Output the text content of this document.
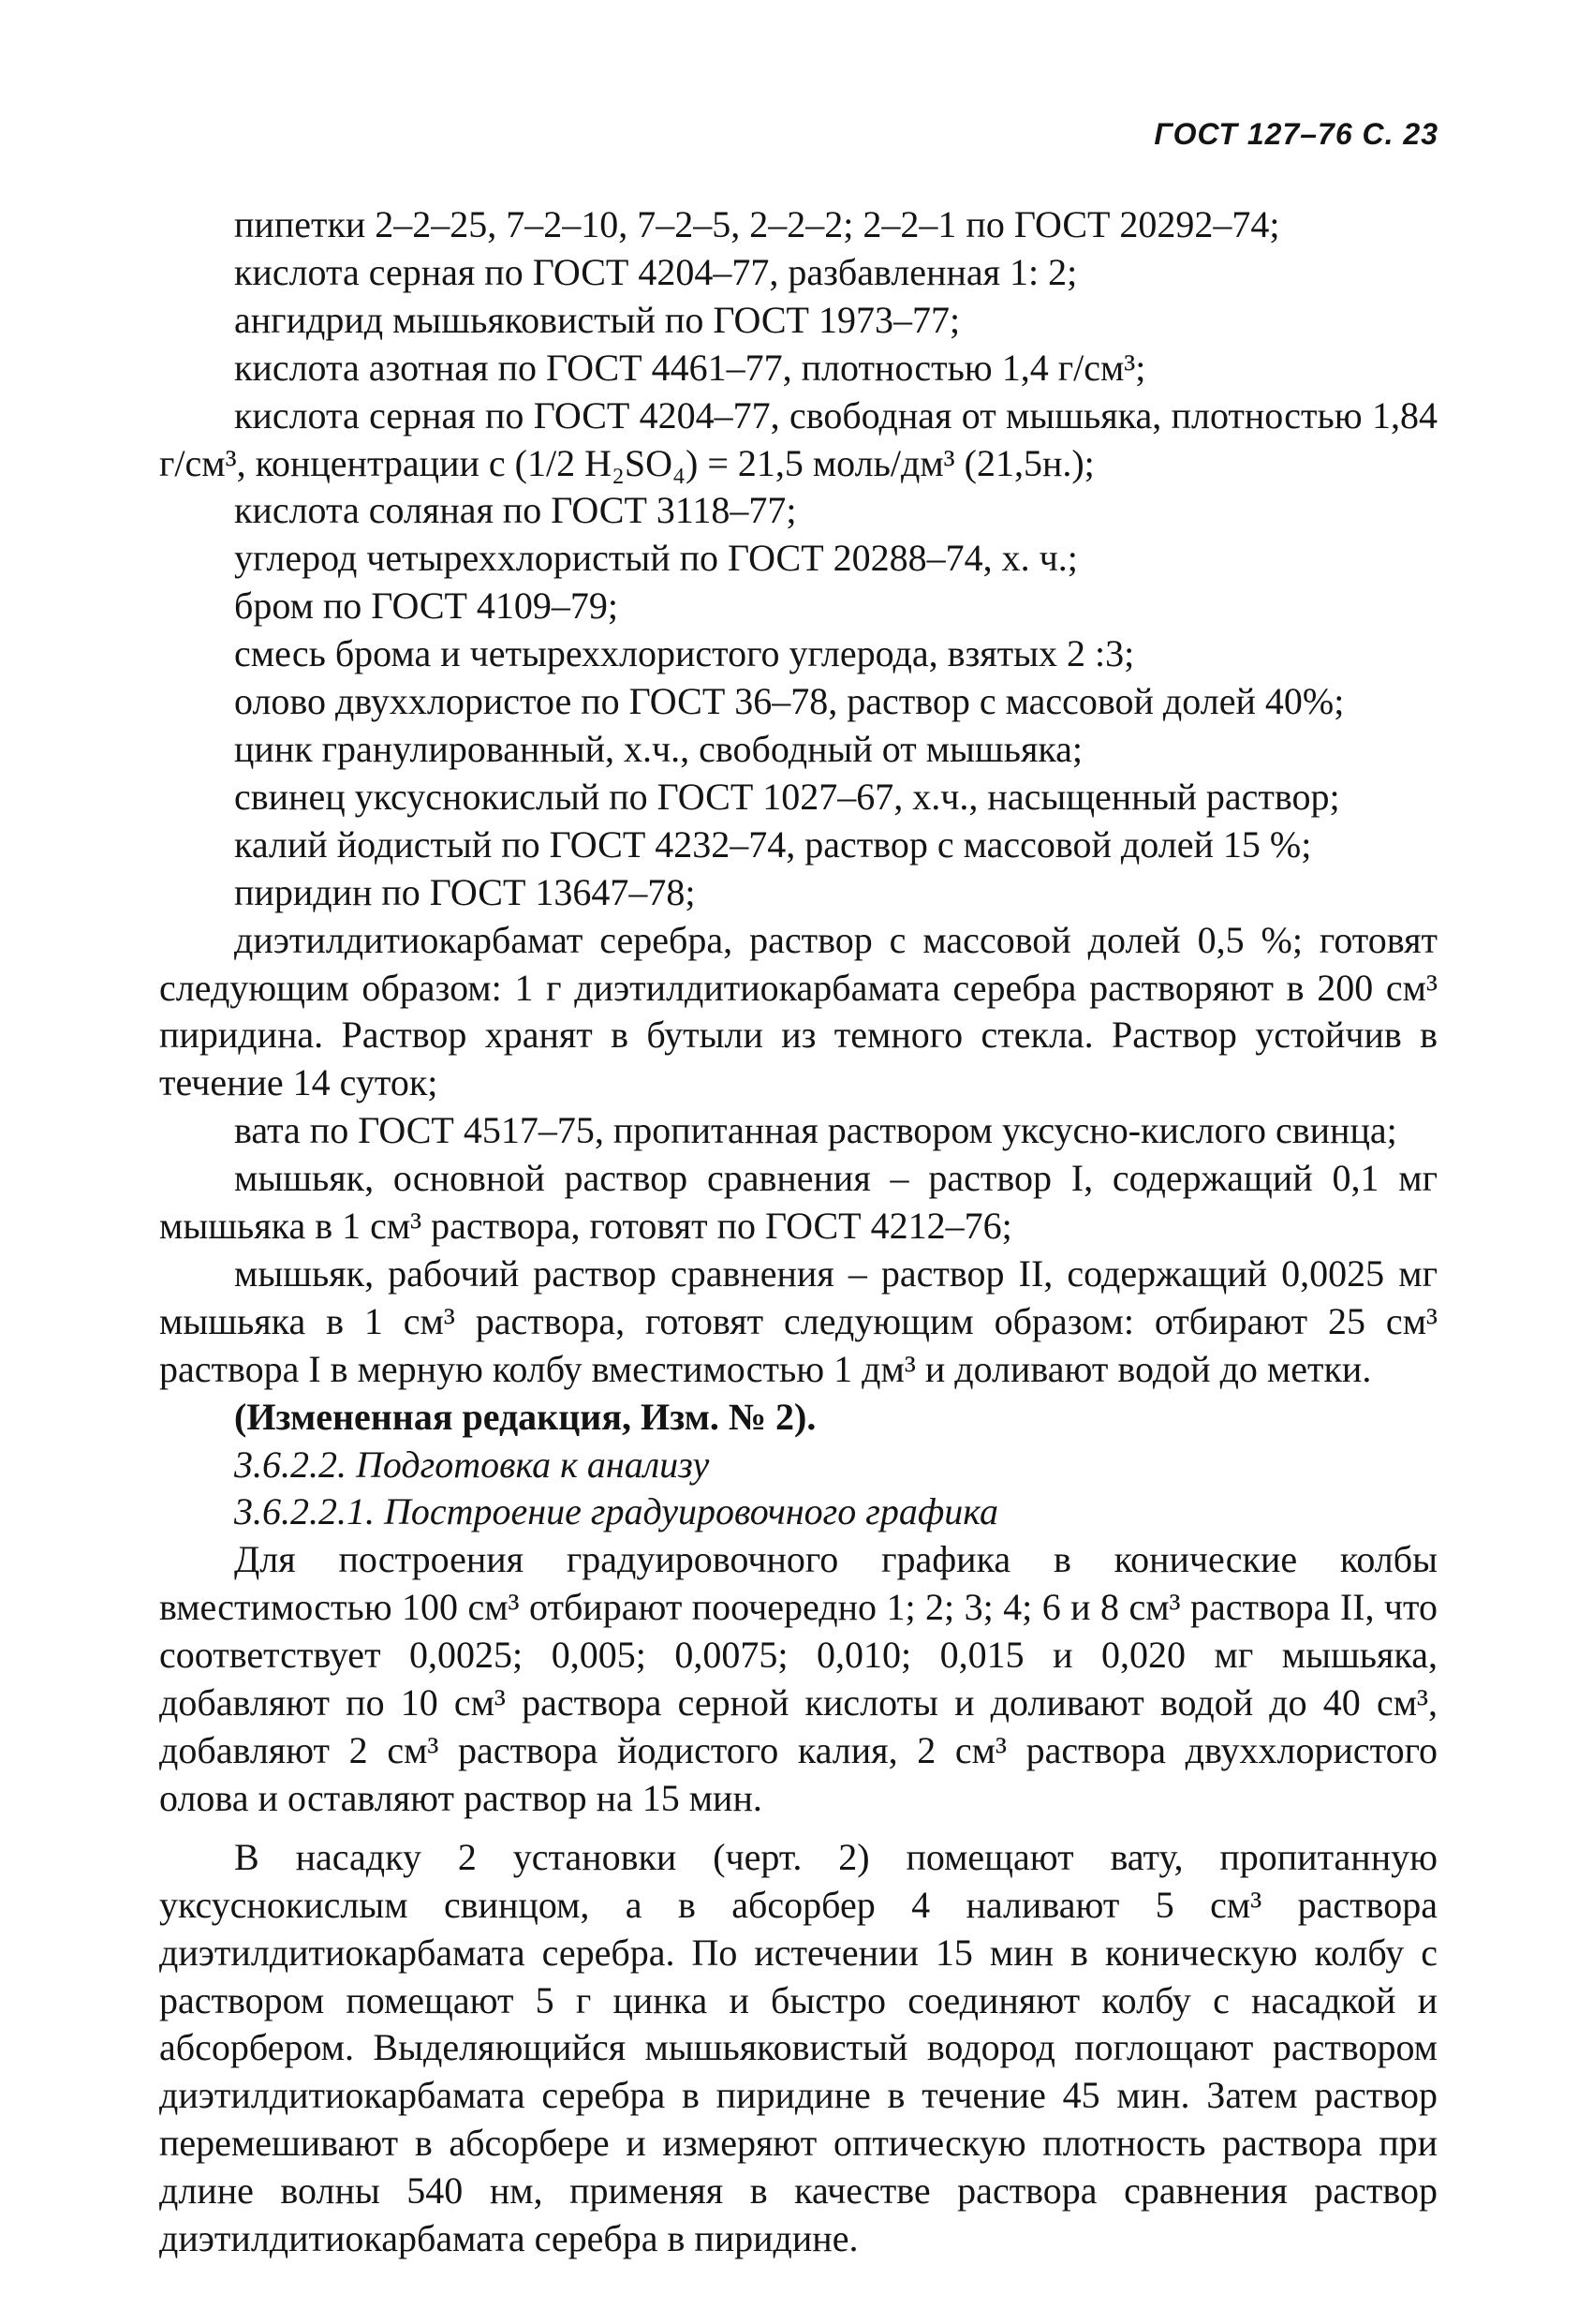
ГОСТ 127–76 С. 23

пипетки 2–2–25, 7–2–10, 7–2–5, 2–2–2; 2–2–1 по ГОСТ 20292–74;

кислота серная по ГОСТ 4204–77, разбавленная 1: 2;

ангидрид мышьяковистый по ГОСТ 1973–77;

кислота азотная по ГОСТ 4461–77, плотностью 1,4 г/см³;

кислота серная по ГОСТ 4204–77, свободная от мышьяка, плотностью 1,84 г/см³, концентрации c (1/2 H₂SO₄) = 21,5 моль/дм³ (21,5н.);

кислота соляная по ГОСТ 3118–77;

углерод четыреххлористый по ГОСТ 20288–74, х. ч.;

бром по ГОСТ 4109–79;

смесь брома и четыреххлористого углерода, взятых 2 :3;

олово двуххлористое по ГОСТ 36–78, раствор с массовой долей 40%;

цинк гранулированный, х.ч., свободный от мышьяка;

свинец уксуснокислый по ГОСТ 1027–67, х.ч., насыщенный раствор;

калий йодистый по ГОСТ 4232–74, раствор с массовой долей 15 %;

пиридин по ГОСТ 13647–78;

диэтилдитиокарбамат серебра, раствор с массовой долей 0,5 %; готовят следующим образом: 1 г диэтилдитиокарбамата серебра растворяют в 200 см³ пиридина. Раствор хранят в бутыли из темного стекла. Раствор устойчив в течение 14 суток;

вата по ГОСТ 4517–75, пропитанная раствором уксусно-кислого свинца;

мышьяк, основной раствор сравнения – раствор I, содержащий 0,1 мг мышьяка в 1 см³ раствора, готовят по ГОСТ 4212–76;

мышьяк, рабочий раствор сравнения – раствор II, содержащий 0,0025 мг мышьяка в 1 см³ раствора, готовят следующим образом: отбирают 25 см³ раствора I в мерную колбу вместимостью 1 дм³ и доливают водой до метки.

(Измененная редакция, Изм. № 2).

3.6.2.2. Подготовка к анализу

3.6.2.2.1. Построение градуировочного графика

Для построения градуировочного графика в конические колбы вместимостью 100 см³ отбирают поочередно 1; 2; 3; 4; 6 и 8 см³ раствора II, что соответствует 0,0025; 0,005; 0,0075; 0,010; 0,015 и 0,020 мг мышьяка, добавляют по 10 см³ раствора серной кислоты и доливают водой до 40 см³, добавляют 2 см³ раствора йодистого калия, 2 см³ раствора двуххлористого олова и оставляют раствор на 15 мин.

В насадку 2 установки (черт. 2) помещают вату, пропитанную уксуснокислым свинцом, а в абсорбер 4 наливают 5 см³ раствора диэтилдитиокарбамата серебра. По истечении 15 мин в коническую колбу с раствором помещают 5 г цинка и быстро соединяют колбу с насадкой и абсорбером. Выделяющийся мышьяковистый водород поглощают раствором диэтилдитиокарбамата серебра в пиридине в течение 45 мин. Затем раствор перемешивают в абсорбере и измеряют оптическую плотность раствора при длине волны 540 нм, применяя в качестве раствора сравнения раствор диэтилдитиокарбамата серебра в пиридине.
